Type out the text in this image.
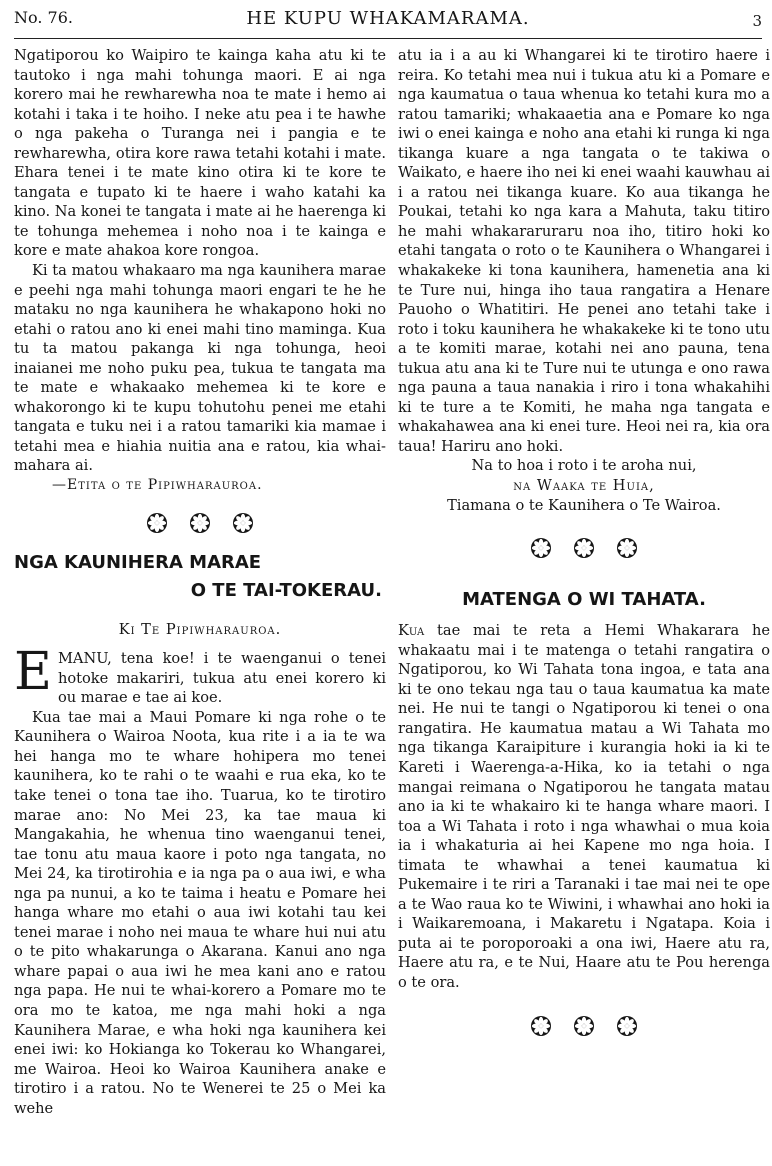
No. 76.	HE KUPU WHAKAMARAMA.	3

Ngatiporou ko Waipiro te kainga kaha atu ki te tautoko i nga mahi tohunga maori. E ai nga korero mai he rewharewha noa te mate i hemo ai kotahi i taka i te hoiho. I neke atu pea i te hawhe o nga pakeha o Turanga nei i pangia e te rewharewha, otira kore rawa tetahi kotahi i mate. Ehara tenei i te mate kino otira ki te kore te tangata e tupato ki te haere i waho katahi ka kino. Na konei te tangata i mate ai he haerenga ki te tohunga mehemea i noho noa i te kainga e kore e mate ahakoa kore rongoa.

Ki ta matou whakaaro ma nga kaunihera marae e peehi nga mahi tohunga maori engari te he he mataku no nga kaunihera he whakapono hoki no etahi o ratou ano ki enei mahi tino maminga. Kua tu ta matou pakanga ki nga tohunga, heoi inaianei me noho puku pea, tukua te tangata ma te mate e whakaako mehemea ki te kore e whakorongo ki te kupu tohutohu penei me etahi tangata e tuku nei i a ratou tamariki kia mamae i tetahi mea e hiahia nuitia ana e ratou, kia whai-mahara ai.

—Etita o te Pipiwharauroa.

NGA KAUNIHERA MARAE
O TE TAI-TOKERAU.
Ki Te Pipiwharauroa.

EMANU, tena koe! i te waenganui o tenei hotoke makariri, tukua atu enei korero ki ou marae e tae ai koe.

Kua tae mai a Maui Pomare ki nga rohe o te Kaunihera o Wairoa Noota, kua rite i a ia te wa hei hanga mo te whare hohipera mo tenei kaunihera, ko te rahi o te waahi e rua eka, ko te take tenei o tona tae iho. Tuarua, ko te tirotiro marae ano: No Mei 23, ka tae maua ki Mangakahia, he whenua tino waenganui tenei, tae tonu atu maua kaore i poto nga tangata, no Mei 24, ka tirotirohia e ia nga pa o aua iwi, e wha nga pa nunui, a ko te taima i heatu e Pomare hei hanga whare mo etahi o aua iwi kotahi tau kei tenei marae i noho nei maua te whare hui nui atu o te pito whakarunga o Akarana. Kanui ano nga whare papai o aua iwi he mea kani ano e ratou nga papa. He nui te whai-korero a Pomare mo te ora mo te katoa, me nga mahi hoki a nga Kaunihera Marae, e wha hoki nga kaunihera kei enei iwi: ko Hokianga ko Tokerau ko Whangarei, me Wairoa. Heoi ko Wairoa Kaunihera anake e tirotiro i a ratou. No te Wenerei te 25 o Mei ka wehe

atu ia i a au ki Whangarei ki te tirotiro haere i reira. Ko tetahi mea nui i tukua atu ki a Pomare e nga kaumatua o taua whenua ko tetahi kura mo a ratou tamariki; whakaaetia ana e Pomare ko nga iwi o enei kainga e noho ana etahi ki runga ki nga tikanga kuare a nga tangata o te takiwa o Waikato, e haere iho nei ki enei waahi kauwhau ai i a ratou nei tikanga kuare. Ko aua tikanga he Poukai, tetahi ko nga kara a Mahuta, taku titiro he mahi whakararuraru noa iho, titiro hoki ko etahi tangata o roto o te Kaunihera o Whangarei i whakakeke ki tona kaunihera, hamenetia ana ki te Ture nui, hinga iho taua rangatira a Henare Pauoho o Whatitiri. He penei ano tetahi take i roto i toku kaunihera he whakakeke ki te tono utu a te komiti marae, kotahi nei ano pauna, tena tukua atu ana ki te Ture nui te utunga e ono rawa nga pauna a taua nanakia i riro i tona whakahihi ki te ture a te Komiti, he maha nga tangata e whakahawea ana ki enei ture. Heoi nei ra, kia ora taua! Hariru ano hoki.

Na to hoa i roto i te aroha nui,

na Waaka te Huia,

Tiamana o te Kaunihera o Te Wairoa.

MATENGA O WI TAHATA.

Kua tae mai te reta a Hemi Whakarara he whakaatu mai i te matenga o tetahi rangatira o Ngatiporou, ko Wi Tahata tona ingoa, e tata ana ki te ono tekau nga tau o taua kaumatua ka mate nei. He nui te tangi o Ngatiporou ki tenei o ona rangatira. He kaumatua matau a Wi Tahata mo nga tikanga Karaipiture i kurangia hoki ia ki te Kareti i Waerenga-a-Hika, ko ia tetahi o nga mangai reimana o Ngatiporou he tangata matau ano ia ki te whakairo ki te hanga whare maori. I toa a Wi Tahata i roto i nga whawhai o mua koia ia i whakaturia ai hei Kapene mo nga hoia. I timata te whawhai a tenei kaumatua ki Pukemaire i te riri a Taranaki i tae mai nei te ope a te Wao raua ko te Wiwini, i whawhai ano hoki ia i Waikaremoana, i Makaretu i Ngatapa. Koia i puta ai te poroporoaki a ona iwi, Haere atu ra, Haere atu ra, e te Nui, Haare atu te Pou herenga o te ora.
